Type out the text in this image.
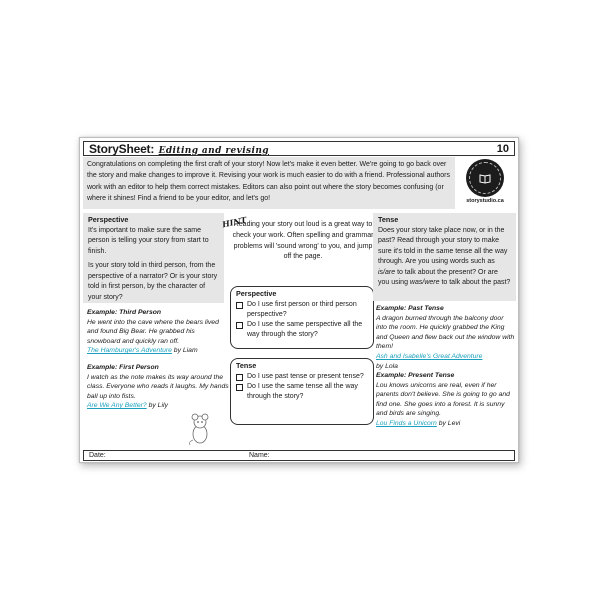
StorySheet: Editing and revising	10
Congratulations on completing the first craft of your story! Now let's make it even better. We're going to go back over the story and make changes to improve it. Revising your work is much easier to do with a friend. Professional authors work with an editor to help them correct mistakes. Editors can also point out where the story becomes confusing (or where it shines! Find a friend to be your editor, and let's go!	storystudio.ca
Perspective

It's important to make sure the same person is telling your story from start to finish.

Is your story told in third person, from the perspective of a narrator? Or is your story told in first person, by the character of your story?

Example: Third Person
He went into the cave where the bears lived and found Big Bear. He grabbed his snowboard and quickly ran off.
The Hamburger's Adventure by Liam
Example: First Person
I watch as the note makes its way around the class. Everyone who reads it laughs. My hands ball up into fists.
Are We Any Better? by Lily
HINT
Reading your story out loud is a great way to check your work. Often spelling and grammar problems will 'sound wrong' to you, and jump off the page.
Perspective
Do I use first person or third person perspective?
Do I use the same perspective all the way through the story?
Tense
Do I use past tense or present tense?
Do I use the same tense all the way through the story?
Tense

Does your story take place now, or in the past? Read through your story to make sure it's told in the same tense all the way through. Are you using words such as is/are to talk about the present? Or are you using was/were to talk about the past?

Example: Past Tense
A dragon burned through the balcony door into the room. He quickly grabbed the King and Queen and flew back out the window with them!
Ash and Isabelle's Great Adventure
by Lola
Example: Present Tense
Lou knows unicorns are real, even if her parents don't believe. She is going to go and find one. She goes into a forest. It is sunny and birds are singing.
Lou Finds a Unicorn by Levi
Date:	Name:
